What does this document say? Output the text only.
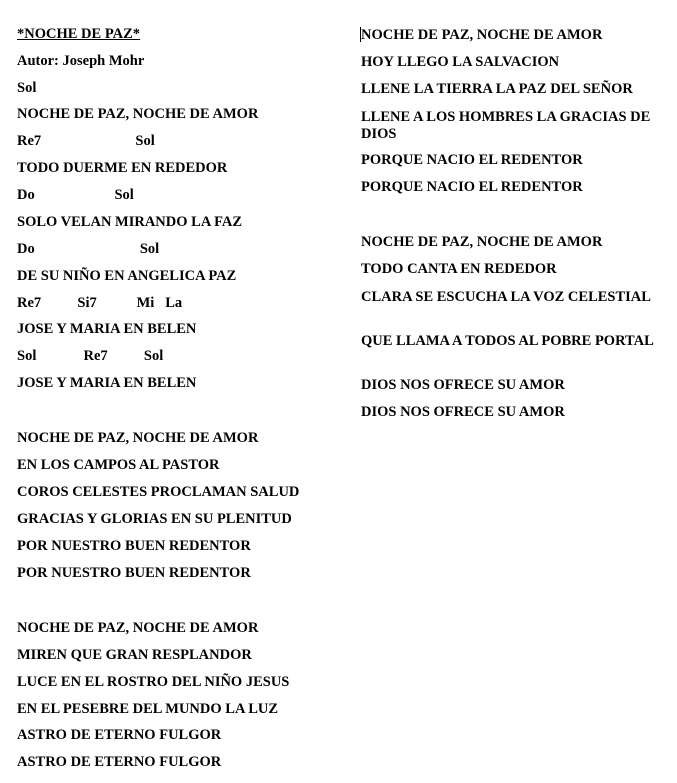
*NOCHE DE PAZ*
Autor: Joseph Mohr
Sol
NOCHE DE PAZ, NOCHE DE AMOR
Re7                          Sol
TODO DUERME EN REDEDOR
Do                      Sol
SOLO VELAN MIRANDO LA FAZ
Do                             Sol
DE SU NIÑO EN ANGELICA PAZ
Re7          Si7           Mi   La
JOSE Y MARIA EN BELEN
Sol             Re7          Sol
JOSE Y MARIA EN BELEN
NOCHE DE PAZ, NOCHE DE AMOR
EN LOS CAMPOS AL PASTOR
COROS CELESTES PROCLAMAN SALUD
GRACIAS Y GLORIAS EN SU PLENITUD
POR NUESTRO BUEN REDENTOR
POR NUESTRO BUEN REDENTOR
NOCHE DE PAZ, NOCHE DE AMOR
MIREN QUE GRAN RESPLANDOR
LUCE EN EL ROSTRO DEL NIÑO JESUS
EN EL PESEBRE DEL MUNDO LA LUZ
ASTRO DE ETERNO FULGOR
ASTRO DE ETERNO FULGOR
NOCHE DE PAZ, NOCHE DE AMOR
HOY LLEGO LA SALVACION
LLENE LA TIERRA LA PAZ DEL SEÑOR
LLENE A LOS HOMBRES LA GRACIAS DE DIOS
PORQUE NACIO EL REDENTOR
PORQUE NACIO EL REDENTOR
NOCHE DE PAZ, NOCHE DE AMOR
TODO CANTA EN REDEDOR
CLARA SE ESCUCHA LA VOZ CELESTIAL
QUE LLAMA A TODOS AL POBRE PORTAL
DIOS NOS OFRECE SU AMOR
DIOS NOS OFRECE SU AMOR
